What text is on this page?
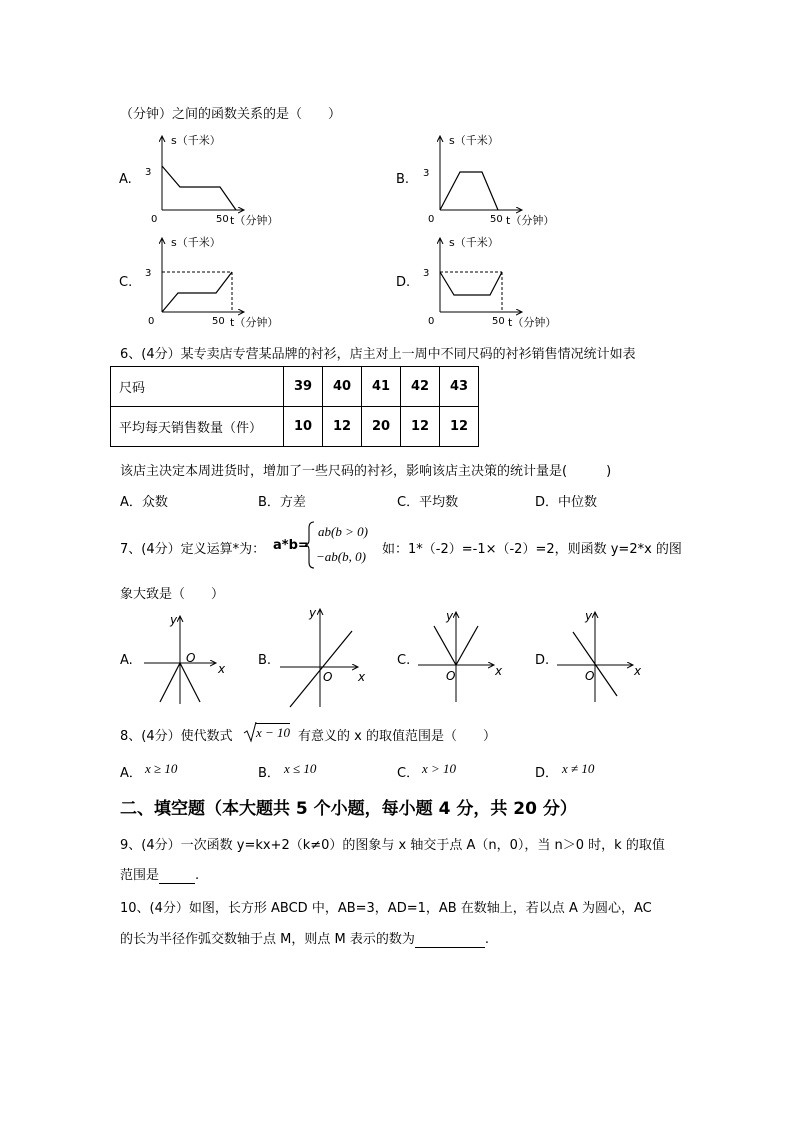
（分钟）之间的函数关系的是（　　）
A.
s（千米）
3
0	50 t（分钟）
B.
s（千米）
3
0	50 t（分钟）
C.
s（千米）
3
0	50 t（分钟）
D.
s（千米）
3
0	50 t（分钟）
6、(4分）某专卖店专营某品牌的衬衫，店主对上一周中不同尺码的衬衫销售情况统计如表
尺码	39	40	41	42	43
平均每天销售数量（件）	10	12	20	12	12
该店主决定本周进货时，增加了一些尺码的衬衫，影响该店主决策的统计量是(　　　)
A．众数	B．方差	C．平均数	D．中位数
7、(4分）定义运算*为： a*b=
ab(b > 0)
−ab(b, 0) 如：1*（-2）=-1×（-2）=2，则函数 y=2*x 的图
象大致是（　　）
A.
y
O
x
B.
y
O x
C.
y
O	x
D.
y
O	x
8、(4分）使代数式 x − 10 有意义的 x 的取值范围是（　　）
A． x ≥ 10	B． x ≤ 10	C． x > 10	D． x ≠ 10
二、填空题（本大题共 5 个小题，每小题 4 分，共 20 分）
9、(4分）一次函数 y=kx+2（k≠0）的图象与 x 轴交于点 A（n，0），当 n＞0 时，k 的取值
范围是	.
10、(4分）如图，长方形 ABCD 中，AB=3，AD=1，AB 在数轴上，若以点 A 为圆心，AC
的长为半径作弧交数轴于点 M，则点 M 表示的数为	.
